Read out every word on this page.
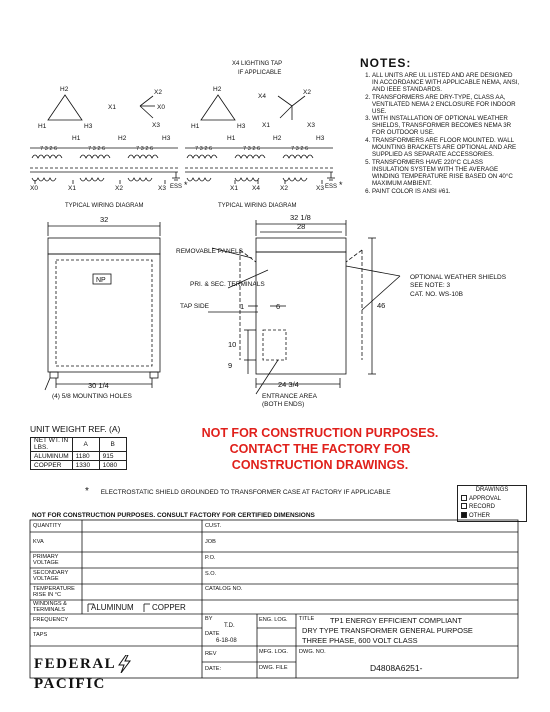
H2
H1	H3
X1
X2
X0
X3
H2
H1	H3
X4
X2
X1	X3
H1	H2	H3	H1	H2	H3
X0	X1	X2	X3	X1 X4	X2	X3
7 3 2 6	7 3 2 6	7 3 2 6	7 3 2 6	7 3 2 6	7 3 2 6
ESS *	ESS *
X4 LIGHTING TAP
IF APPLICABLE
TYPICAL WIRING DIAGRAM	TYPICAL WIRING DIAGRAM
NOTES:
1. ALL UNITS ARE UL LISTED AND ARE DESIGNED IN ACCORDANCE WITH APPLICABLE NEMA, ANSI, AND IEEE STANDARDS.
2. TRANSFORMERS ARE DRY-TYPE, CLASS AA, VENTILATED NEMA 2 ENCLOSURE FOR INDOOR USE.
3. WITH INSTALLATION OF OPTIONAL WEATHER SHIELDS, TRANSFORMER BECOMES NEMA 3R FOR OUTDOOR USE.
4. TRANSFORMERS ARE FLOOR MOUNTED. WALL MOUNTING BRACKETS ARE OPTIONAL AND ARE SUPPLIED AS SEPARATE ACCESSORIES.
5. TRANSFORMERS HAVE 220°C CLASS INSULATION SYSTEM WITH THE AVERAGE WINDING TEMPERATURE RISE BASED ON 40°C MAXIMUM AMBIENT.
6. PAINT COLOR IS ANSI #61.
32
30 1/4
NP
32 1/8
28
46
1	6
10
9
24 3/4
(4) 5/8 MOUNTING HOLES
REMOVABLE PANELS
PRI. & SEC. TERMINALS
TAP SIDE
ENTRANCE AREA
(BOTH ENDS)
OPTIONAL WEATHER SHIELDS
SEE NOTE: 3
CAT. NO. WS-10B
UNIT WEIGHT REF. (A)
NET WT. IN LBS.	A	B
ALUMINUM	1180	915
COPPER	1330	1080
NOT FOR CONSTRUCTION PURPOSES.
CONTACT THE FACTORY FOR
CONSTRUCTION DRAWINGS.
* ELECTROSTATIC SHIELD GROUNDED TO TRANSFORMER CASE AT FACTORY IF APPLICABLE	DRAWINGS
APPROVAL
RECORD
OTHER
NOT FOR CONSTRUCTION PURPOSES. CONSULT FACTORY FOR CERTIFIED DIMENSIONS
QUANTITY
KVA
PRIMARY VOLTAGE
SECONDARY VOLTAGE
TEMPERATURE RISE IN °C
WINDINGS & TERMINALS
FREQUENCY
TAPS
ALUMINUM COPPER
CUST.
JOB
P.O.
S.O.
CATALOG NO.
BY
T.D.
DATE
6-18-08
REV
DATE:
ENG. LOG.
MFG. LOG.
DWG. FILE
TITLE TP1 ENERGY EFFICIENT COMPLIANT
DRY TYPE TRANSFORMER GENERAL PURPOSE
THREE PHASE, 600 VOLT CLASS
DWG. NO.
D4808A6251-
FEDERAL PACIFIC
